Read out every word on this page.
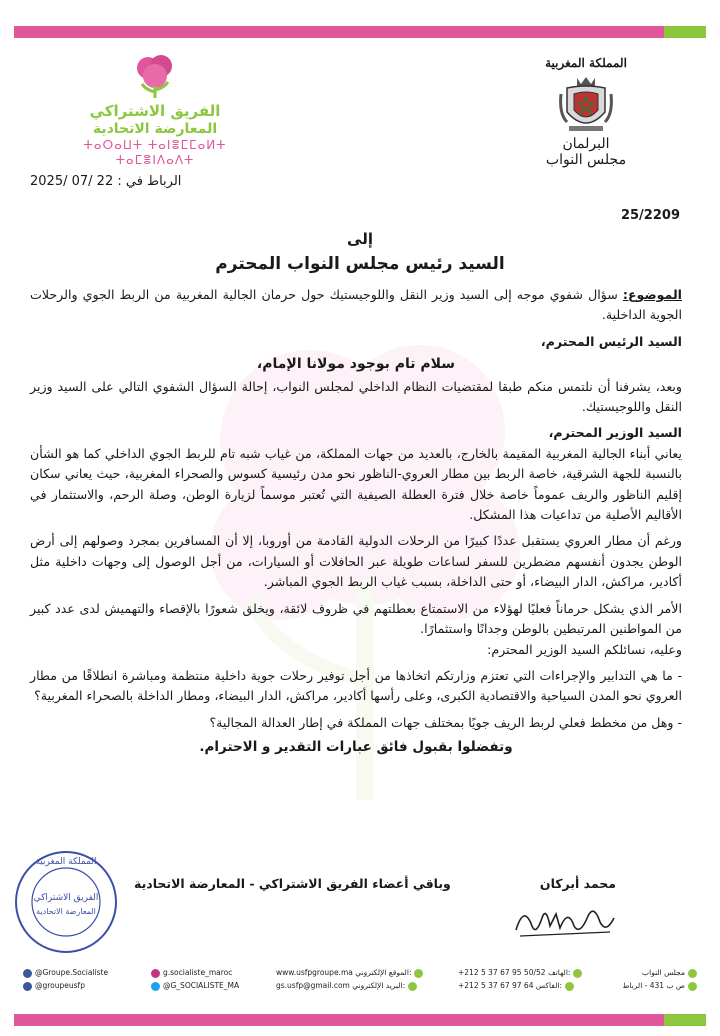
المملكة المغربية
البرلمان
مجلس النواب
الفريق الاشتراكي
المعارضة الاتحادية
ⵜⴰⵔⴰⵡⵜ ⵜⴰⵏⴻⵎⵎⴰⵍⵜ ⵜⴰⵎⴻⵏⴷⴰⴷⵜ
الرباط في : 22 /07 /2025
25/2209
إلى
السيد رئيس مجلس النواب المحترم

الموضوع: سؤال شفوي موجه إلى السيد وزير النقل واللوجيستيك حول حرمان الجالية المغربية من الربط الجوي والرحلات الجوية الداخلية.

السيد الرئيس المحترم،

سلام تام بوجود مولانا الإمام،

وبعد، يشرفنا أن نلتمس منكم طبقا لمقتضيات النظام الداخلي لمجلس النواب، إحالة السؤال الشفوي التالي على السيد وزير النقل واللوجيستيك.

السيد الوزير المحترم،

يعاني أبناء الجالية المغربية المقيمة بالخارج، بالعديد من جهات المملكة، من غياب شبه تام للربط الجوي الداخلي كما هو الشأن بالنسبة للجهة الشرقية، خاصة الربط بين مطار العروي-الناظور نحو مدن رئيسية كسوس والصحراء المغربية، حيث يعاني سكان إقليم الناظور والريف عموماً خاصة خلال فترة العطلة الصيفية التي تُعتبر موسماً لزيارة الوطن، وصلة الرحم، والاستثمار في الأقاليم الأصلية من تداعيات هذا المشكل.

ورغم أن مطار العروي يستقبل عددًا كبيرًا من الرحلات الدولية القادمة من أوروبا، إلا أن المسافرين بمجرد وصولهم إلى أرض الوطن يجدون أنفسهم مضطرين للسفر لساعات طويلة عبر الحافلات أو السيارات، من أجل الوصول إلى وجهات داخلية مثل أكادير، مراكش، الدار البيضاء، أو حتى الداخلة، بسبب غياب الربط الجوي المباشر.

الأمر الذي يشكل حرماناً فعليًا لهؤلاء من الاستمتاع بعطلتهم في ظروف لائقة، ويخلق شعورًا بالإقصاء والتهميش لدى عدد كبير من المواطنين المرتبطين بالوطن وجدانًا واستثمارًا.

وعليه، نسائلكم السيد الوزير المحترم:

- ما هي التدابير والإجراءات التي تعتزم وزارتكم اتخاذها من أجل توفير رحلات جوية داخلية منتظمة ومباشرة انطلاقًا من مطار العروي نحو المدن السياحية والاقتصادية الكبرى، وعلى رأسها أكادير، مراكش، الدار البيضاء، ومطار الداخلة بالصحراء المغربية؟

- وهل من مخطط فعلي لربط الريف جويًا بمختلف جهات المملكة في إطار العدالة المجالية؟

وتفضلوا بقبول فائق عبارات التقدير و الاحترام.

محمد أبركان
وباقي أعضاء الفريق الاشتراكي - المعارضة الاتحادية
المملكة المغربية
الفريق الاشتراكي
المعارضة الاتحادية
@Groupe.Socialiste
@groupeusfp
g.socialiste_maroc
@G_SOCIALISTE_MA
www.usfpgroupe.ma الموقع الإلكتروني:
gs.usfp@gmail.com البريد الإلكتروني:
+212 5 37 67 95 50/52 الهاتف:
+212 5 37 67 97 64 الفاكس:
مجلس النواب
ص ب 431 - الرباط
